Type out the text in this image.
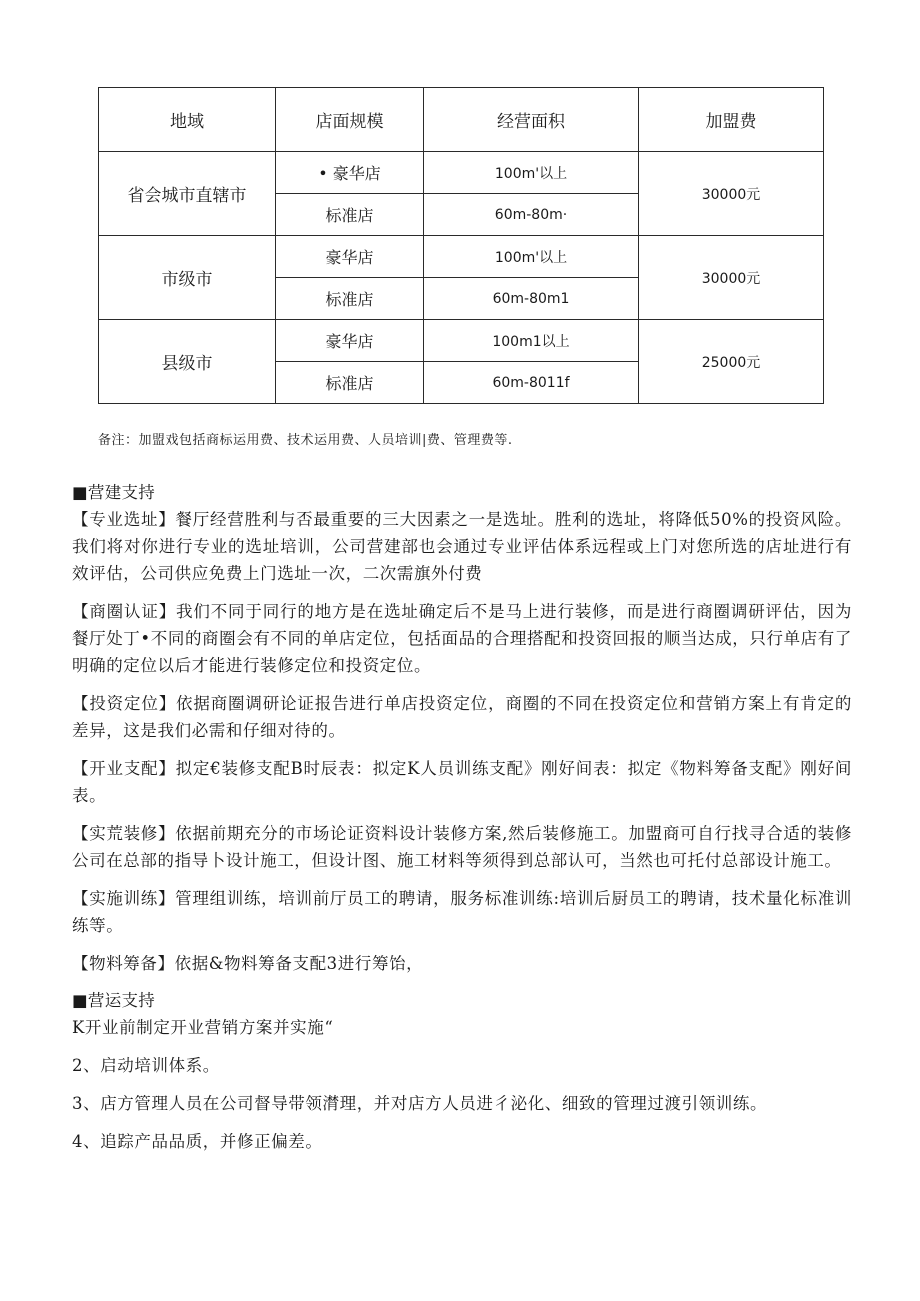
地域	店面规模	经营面积	加盟费
省会城市直辖市	• 豪华店	100m'以上	30000元
	标准店	60m-80m·	
市级市	豪华店	100m'以上	30000元
	标准店	60m-80m1	
县级市	豪华店	100m1以上	25000元
	标准店	60m-8011f	
备注：加盟戏包括商标运用费、技术运用费、人员培训|费、管理费等.

■营建支持

【专业选址】餐厅经营胜利与否最重要的三大因素之一是选址。胜利的选址，将降低50%的投资风险。我们将对你进行专业的选址培训，公司营建部也会通过专业评估体系远程或上门对您所选的店址进行有效评估，公司供应免费上门选址一次，二次需旗外付费

【商圈认证】我们不同于同行的地方是在选址确定后不是马上进行装修，而是进行商圈调研评估，因为餐厅处丁•不同的商圈会有不同的单店定位，包括面品的合理搭配和投资回报的顺当达成，只行单店有了明确的定位以后才能进行装修定位和投资定位。

【投资定位】依据商圈调研论证报告进行单店投资定位，商圈的不同在投资定位和营销方案上有肯定的差异，这是我们必需和仔细对待的。

【开业支配】拟定€装修支配B时辰表：拟定K人员训练支配》刚好间表：拟定《物料筹备支配》刚好间表。

【实荒装修】依据前期充分的市场论证资料设计装修方案,然后装修施工。加盟商可自行找寻合适的装修公司在总部的指导卜设计施工，但设计图、施工材料等须得到总部认可，当然也可托付总部设计施工。

【实施训练】管理组训练，培训前厅员工的聘请，服务标准训练:培训后厨员工的聘请，技术量化标准训练等。

【物料筹备】依据&物料筹备支配3进行筹饴，

■营运支持

K开业前制定开业营销方案并实施“

2、启动培训体系。

3、店方管理人员在公司督导带领潸理，并对店方人员进彳泌化、细致的管理过渡引领训练。

4、追踪产品品质，并修正偏差。
